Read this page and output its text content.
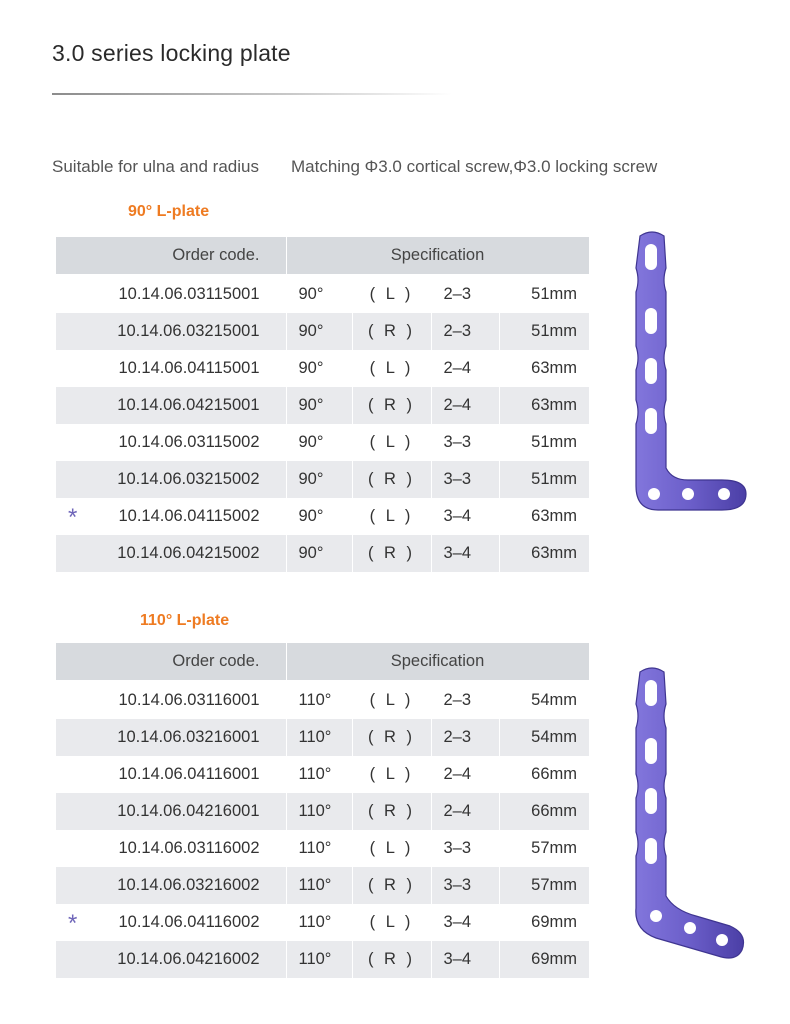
3.0 series locking plate
Suitable for ulna and radius Matching Φ3.0 cortical screw,Φ3.0 locking screw
90° L-plate
Order code.	Specification			
10.14.06.03115001	90°	( L )	2–3	51mm
10.14.06.03215001	90°	( R )	2–3	51mm
10.14.06.04115001	90°	( L )	2–4	63mm
10.14.06.04215001	90°	( R )	2–4	63mm
10.14.06.03115002	90°	( L )	3–3	51mm
10.14.06.03215002	90°	( R )	3–3	51mm

* 10.14.06.04115002	90°	( L )	3–4	63mm
10.14.06.04215002	90°	( R )	3–4	63mm
110° L-plate
Order code.	Specification			
10.14.06.03116001	110°	( L )	2–3	54mm
10.14.06.03216001	110°	( R )	2–3	54mm
10.14.06.04116001	110°	( L )	2–4	66mm
10.14.06.04216001	110°	( R )	2–4	66mm
10.14.06.03116002	110°	( L )	3–3	57mm
10.14.06.03216002	110°	( R )	3–3	57mm

* 10.14.06.04116002	110°	( L )	3–4	69mm
10.14.06.04216002	110°	( R )	3–4	69mm
